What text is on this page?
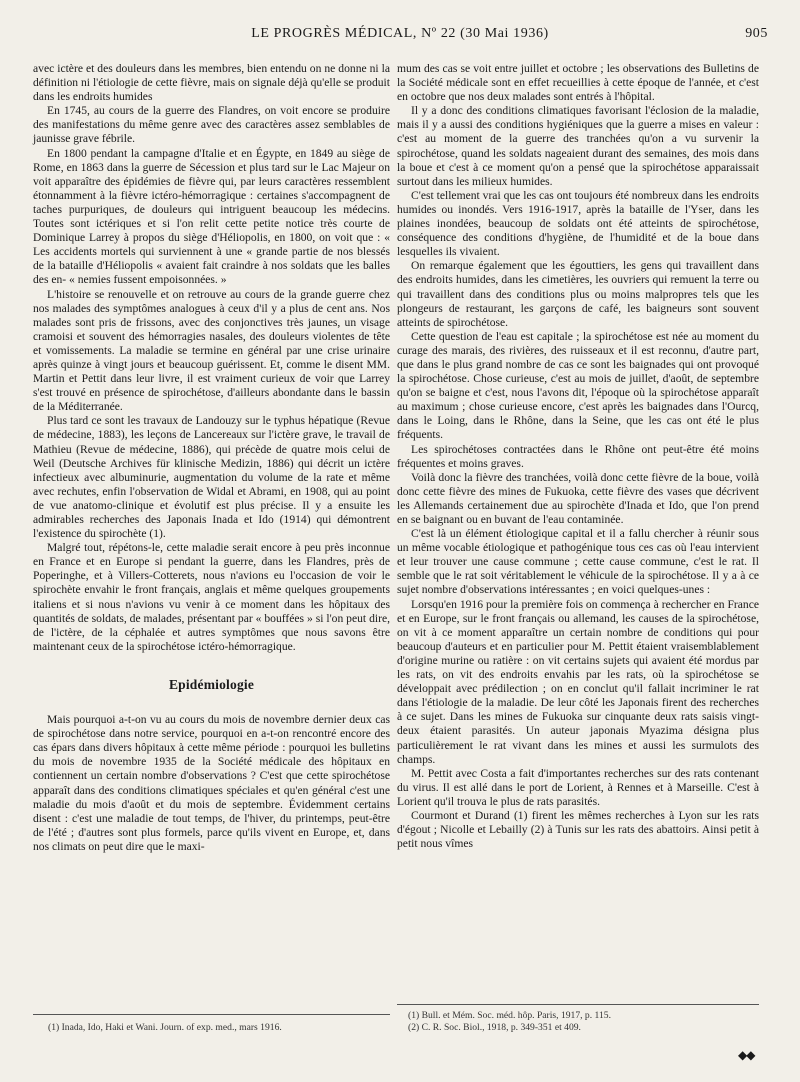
LE PROGRÈS MÉDICAL, Nº 22 (30 Mai 1936)	905

avec ictère et des douleurs dans les membres, bien entendu on ne donne ni la définition ni l'étiologie de cette fièvre, mais on signale déjà qu'elle se produit dans les endroits humides

En 1745, au cours de la guerre des Flandres, on voit encore se produire des manifestations du même genre avec des caractères assez semblables de jaunisse grave fébrile.

En 1800 pendant la campagne d'Italie et en Égypte, en 1849 au siège de Rome, en 1863 dans la guerre de Sécession et plus tard sur le Lac Majeur on voit apparaître des épidémies de fièvre qui, par leurs caractères ressemblent étonnamment à la fièvre ictéro-hémorragique : certaines s'accompagnent de taches purpuriques, de douleurs qui intriguent beaucoup les médecins. Toutes sont ictériques et si l'on relit cette petite notice très courte de Dominique Larrey à propos du siège d'Héliopolis, en 1800, on voit que : « Les accidents mortels qui surviennent à une « grande partie de nos blessés de la bataille d'Héliopolis « avaient fait craindre à nos soldats que les balles des en- « nemies fussent empoisonnées. »

L'histoire se renouvelle et on retrouve au cours de la grande guerre chez nos malades des symptômes analogues à ceux d'il y a plus de cent ans. Nos malades sont pris de frissons, avec des conjonctives très jaunes, un visage cramoisi et souvent des hémorragies nasales, des douleurs violentes de tête et vomissements. La maladie se termine en général par une crise urinaire après quinze à vingt jours et beaucoup guérissent. Et, comme le disent MM. Martin et Pettit dans leur livre, il est vraiment curieux de voir que Larrey s'est trouvé en présence de spirochétose, d'ailleurs abondante dans le bassin de la Méditerranée.

Plus tard ce sont les travaux de Landouzy sur le typhus hépatique (Revue de médecine, 1883), les leçons de Lancereaux sur l'ictère grave, le travail de Mathieu (Revue de médecine, 1886), qui précède de quatre mois celui de Weil (Deutsche Archives für klinische Medizin, 1886) qui décrit un ictère infectieux avec albuminurie, augmentation du volume de la rate et même avec rechutes, enfin l'observation de Widal et Abrami, en 1908, qui au point de vue anatomo-clinique et évolutif est plus précise. Il y a ensuite les admirables recherches des Japonais Inada et Ido (1914) qui démontrent l'existence du spirochète (1).

Malgré tout, répétons-le, cette maladie serait encore à peu près inconnue en France et en Europe si pendant la guerre, dans les Flandres, près de Poperinghe, et à Villers-Cotterets, nous n'avions eu l'occasion de voir le spirochète envahir le front français, anglais et même quelques groupements italiens et si nous n'avions vu venir à ce moment dans les hôpitaux des quantités de soldats, de malades, présentant par « bouffées » si l'on peut dire, de l'ictère, de la céphalée et autres symptômes que nous savons être maintenant ceux de la spirochétose ictéro-hémorragique.

Epidémiologie

Mais pourquoi a-t-on vu au cours du mois de novembre dernier deux cas de spirochétose dans notre service, pourquoi en a-t-on rencontré encore des cas épars dans divers hôpitaux à cette même période : pourquoi les bulletins du mois de novembre 1935 de la Société médicale des hôpitaux en contiennent un certain nombre d'observations ? C'est que cette spirochétose apparaît dans des conditions climatiques spéciales et qu'en général c'est une maladie du mois d'août et du mois de septembre. Évidemment certains disent : c'est une maladie de tout temps, de l'hiver, du printemps, peut-être de l'été ; d'autres sont plus formels, parce qu'ils vivent en Europe, et, dans nos climats on peut dire que le maxi-

(1) Inada, Ido, Haki et Wani. Journ. of exp. med., mars 1916.

mum des cas se voit entre juillet et octobre ; les observations des Bulletins de la Société médicale sont en effet recueillies à cette époque de l'année, et c'est en octobre que nos deux malades sont entrés à l'hôpital.

Il y a donc des conditions climatiques favorisant l'éclosion de la maladie, mais il y a aussi des conditions hygiéniques que la guerre a mises en valeur : c'est au moment de la guerre des tranchées qu'on a vu survenir la spirochétose, quand les soldats nageaient durant des semaines, des mois dans la boue et c'est à ce moment qu'on a pensé que la spirochétose apparaissait surtout dans les milieux humides.

C'est tellement vrai que les cas ont toujours été nombreux dans les endroits humides ou inondés. Vers 1916-1917, après la bataille de l'Yser, dans les plaines inondées, beaucoup de soldats ont été atteints de spirochétose, conséquence des conditions d'hygiène, de l'humidité et de la boue dans lesquelles ils vivaient.

On remarque également que les égouttiers, les gens qui travaillent dans des endroits humides, dans les cimetières, les ouvriers qui remuent la terre ou qui travaillent dans des conditions plus ou moins malpropres tels que les plongeurs de restaurant, les garçons de café, les baigneurs sont souvent atteints de spirochétose.

Cette question de l'eau est capitale ; la spirochétose est née au moment du curage des marais, des rivières, des ruisseaux et il est reconnu, d'autre part, que dans le plus grand nombre de cas ce sont les baignades qui ont provoqué la spirochétose. Chose curieuse, c'est au mois de juillet, d'août, de septembre qu'on se baigne et c'est, nous l'avons dit, l'époque où la spirochétose apparaît au maximum ; chose curieuse encore, c'est après les baignades dans l'Ourcq, dans le Loing, dans le Rhône, dans la Seine, que les cas ont été le plus fréquents.

Les spirochétoses contractées dans le Rhône ont peut-être été moins fréquentes et moins graves.

Voilà donc la fièvre des tranchées, voilà donc cette fièvre de la boue, voilà donc cette fièvre des mines de Fukuoka, cette fièvre des vases que décrivent les Allemands certainement due au spirochète d'Inada et Ido, que l'on prend en se baignant ou en buvant de l'eau contaminée.

C'est là un élément étiologique capital et il a fallu chercher à réunir sous un même vocable étiologique et pathogénique tous ces cas où l'eau intervient et leur trouver une cause commune ; cette cause commune, c'est le rat. Il semble que le rat soit véritablement le véhicule de la spirochétose. Il y a à ce sujet nombre d'observations intéressantes ; en voici quelques-unes :

Lorsqu'en 1916 pour la première fois on commença à rechercher en France et en Europe, sur le front français ou allemand, les causes de la spirochétose, on vit à ce moment apparaître un certain nombre de conditions qui pour beaucoup d'auteurs et en particulier pour M. Pettit étaient vraisemblablement d'origine murine ou ratière : on vit certains sujets qui avaient été mordus par les rats, on vit des endroits envahis par les rats, où la spirochétose se développait avec prédilection ; on en conclut qu'il fallait incriminer le rat dans l'étiologie de la maladie. De leur côté les Japonais firent des recherches à ce sujet. Dans les mines de Fukuoka sur cinquante deux rats saisis vingt-deux étaient parasités. Un auteur japonais Myazima désigna plus particulièrement le rat vivant dans les mines et aussi les surmulots des champs.

M. Pettit avec Costa a fait d'importantes recherches sur des rats contenant du virus. Il est allé dans le port de Lorient, à Rennes et à Marseille. C'est à Lorient qu'il trouva le plus de rats parasités.

Courmont et Durand (1) firent les mêmes recherches à Lyon sur les rats d'égout ; Nicolle et Lebailly (2) à Tunis sur les rats des abattoirs. Ainsi petit à petit nous vîmes

(1) Bull. et Mém. Soc. méd. hôp. Paris, 1917, p. 115.
(2) C. R. Soc. Biol., 1918, p. 349-351 et 409.
◆◆
